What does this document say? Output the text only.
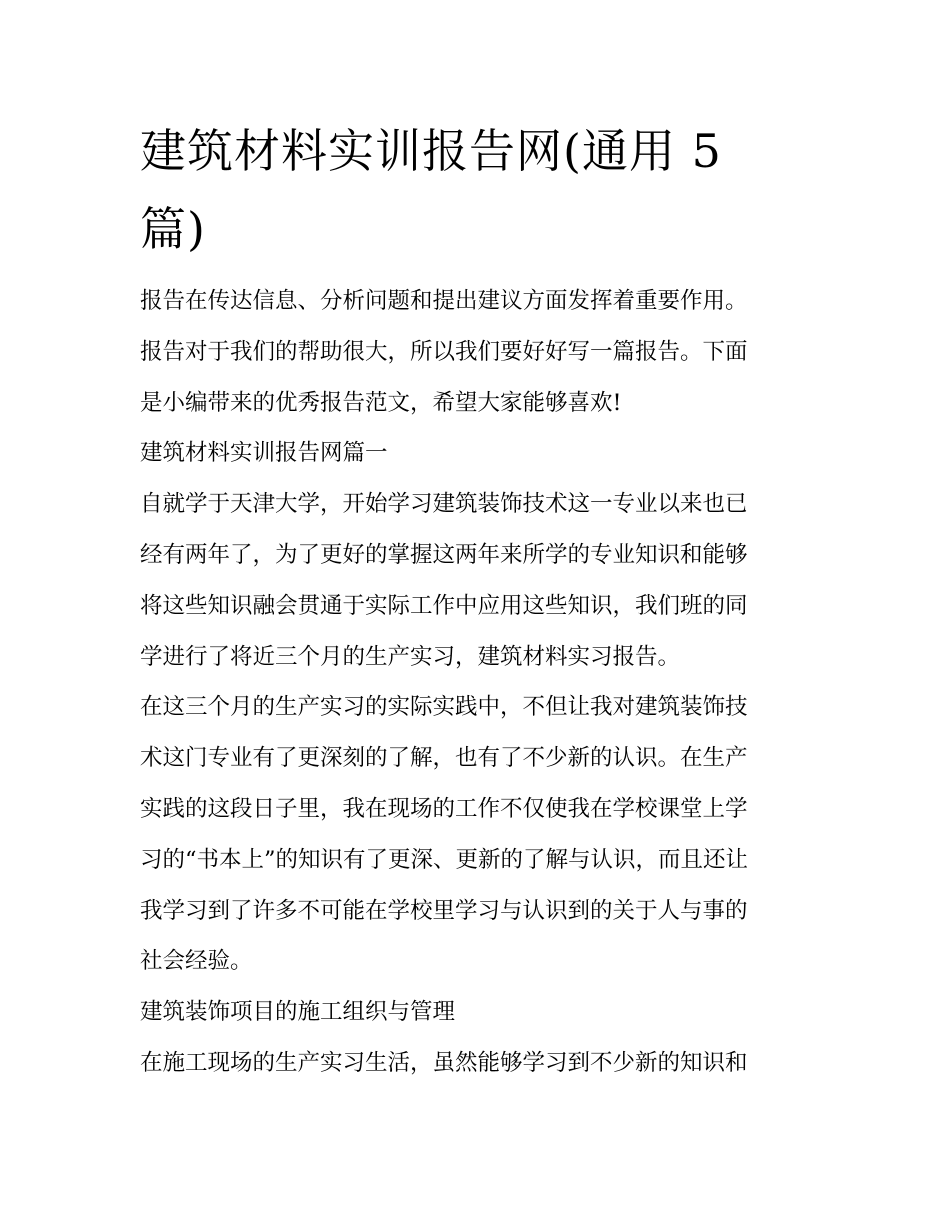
建筑材料实训报告网(通用 5
篇)

报告在传达信息、分析问题和提出建议方面发挥着重要作用。
报告对于我们的帮助很大，所以我们要好好写一篇报告。下面
是小编带来的优秀报告范文，希望大家能够喜欢!

建筑材料实训报告网篇一

自就学于天津大学，开始学习建筑装饰技术这一专业以来也已
经有两年了，为了更好的掌握这两年来所学的专业知识和能够
将这些知识融会贯通于实际工作中应用这些知识，我们班的同
学进行了将近三个月的生产实习，建筑材料实习报告。

在这三个月的生产实习的实际实践中，不但让我对建筑装饰技
术这门专业有了更深刻的了解，也有了不少新的认识。在生产
实践的这段日子里，我在现场的工作不仅使我在学校课堂上学
习的“书本上”的知识有了更深、更新的了解与认识，而且还让
我学习到了许多不可能在学校里学习与认识到的关于人与事的
社会经验。

建筑装饰项目的施工组织与管理

在施工现场的生产实习生活，虽然能够学习到不少新的知识和
